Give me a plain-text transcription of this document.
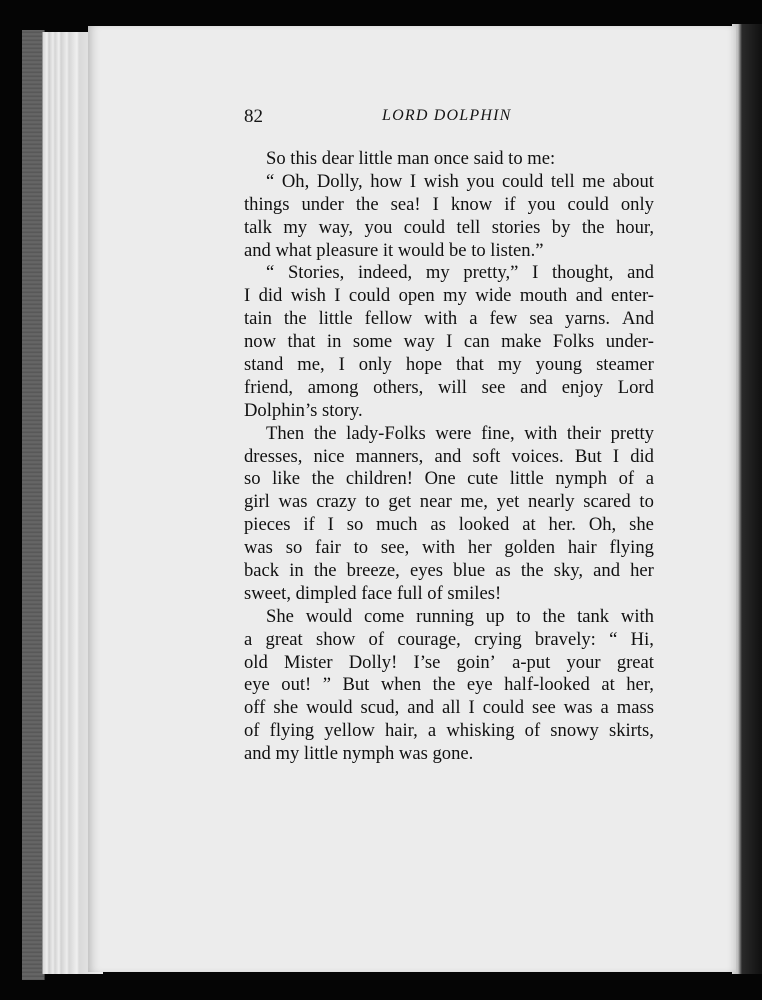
82	LORD DOLPHIN
So this dear little man once said to me:
“ Oh, Dolly, how I wish you could tell me about
things under the sea! I know if you could only
talk my way, you could tell stories by the hour,
and what pleasure it would be to listen.”
“ Stories, indeed, my pretty,” I thought, and
I did wish I could open my wide mouth and enter-
tain the little fellow with a few sea yarns. And
now that in some way I can make Folks under-
stand me, I only hope that my young steamer
friend, among others, will see and enjoy Lord
Dolphin’s story.
Then the lady-Folks were fine, with their pretty
dresses, nice manners, and soft voices. But I did
so like the children! One cute little nymph of a
girl was crazy to get near me, yet nearly scared to
pieces if I so much as looked at her. Oh, she
was so fair to see, with her golden hair flying
back in the breeze, eyes blue as the sky, and her
sweet, dimpled face full of smiles!
She would come running up to the tank with
a great show of courage, crying bravely: “ Hi,
old Mister Dolly! I’se goin’ a-put your great
eye out! ” But when the eye half-looked at her,
off she would scud, and all I could see was a mass
of flying yellow hair, a whisking of snowy skirts,
and my little nymph was gone.
